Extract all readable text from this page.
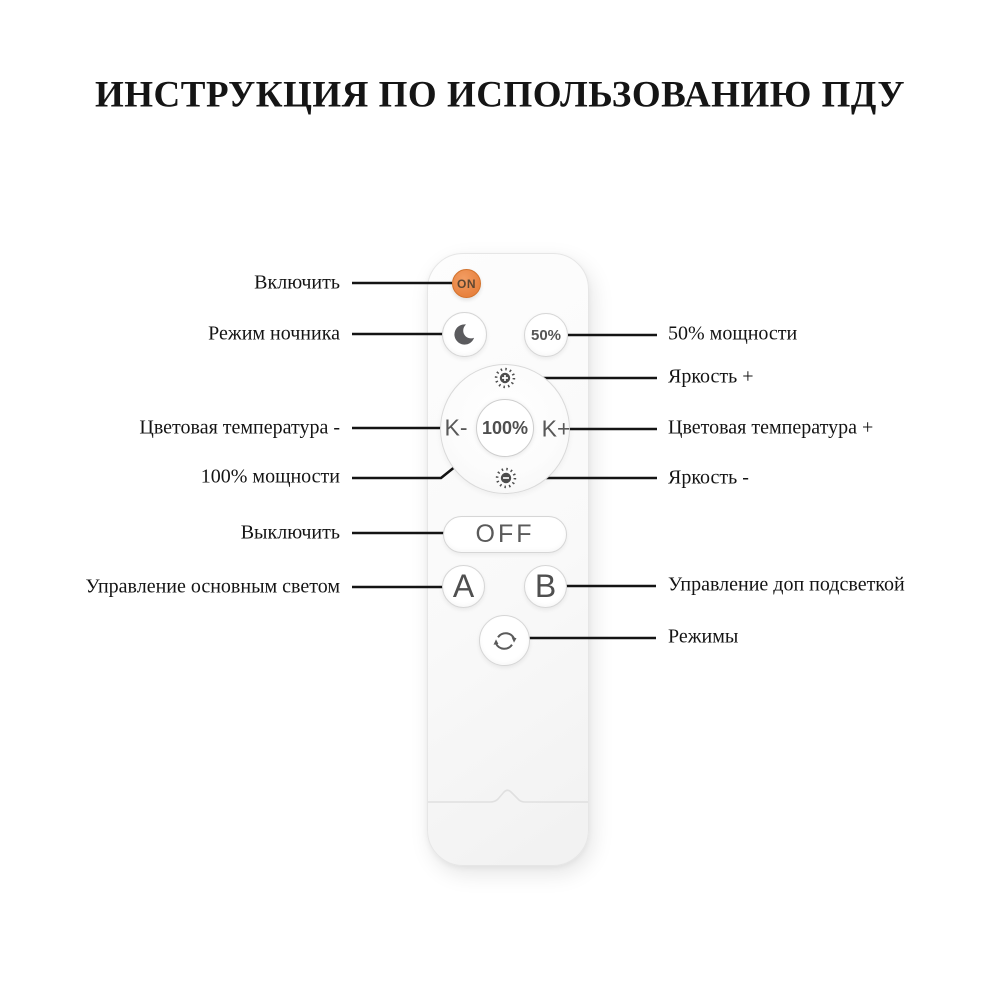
ИНСТРУКЦИЯ ПО ИСПОЛЬЗОВАНИЮ ПДУ
ON
50%
K- 100% K+
OFF
A B
Включить
Режим ночника
Цветовая температура -
100% мощности
Выключить
Управление основным светом
50% мощности
Яркость +
Цветовая температура +
Яркость -
Управление доп подсветкой
Режимы
